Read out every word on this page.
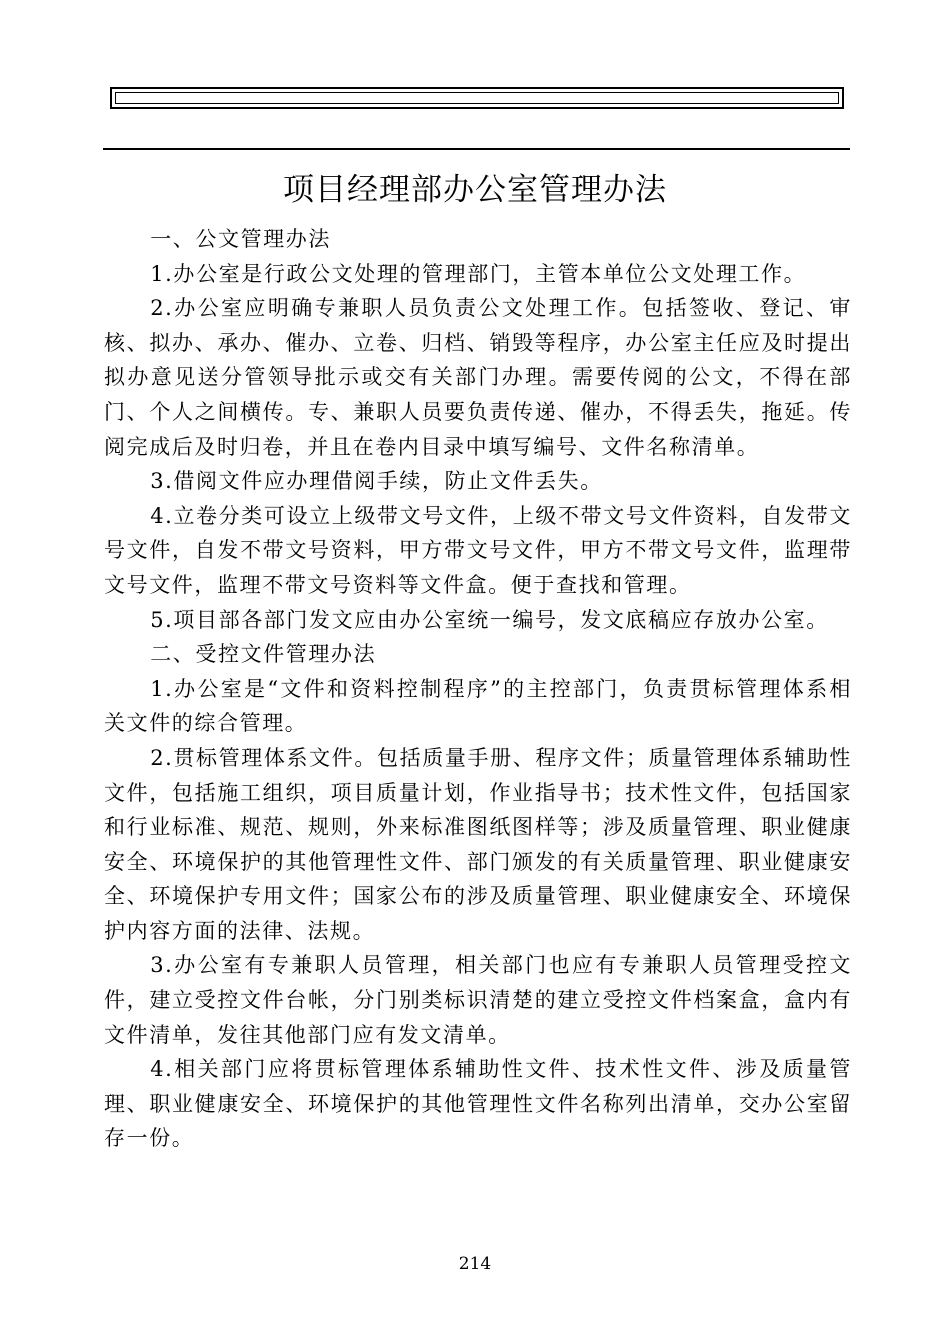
项目经理部办公室管理办法

一、公文管理办法

1.办公室是行政公文处理的管理部门，主管本单位公文处理工作。

2.办公室应明确专兼职人员负责公文处理工作。包括签收、登记、审核、拟办、承办、催办、立卷、归档、销毁等程序，办公室主任应及时提出拟办意见送分管领导批示或交有关部门办理。需要传阅的公文，不得在部门、个人之间横传。专、兼职人员要负责传递、催办，不得丢失，拖延。传阅完成后及时归卷，并且在卷内目录中填写编号、文件名称清单。

3.借阅文件应办理借阅手续，防止文件丢失。

4.立卷分类可设立上级带文号文件，上级不带文号文件资料，自发带文号文件，自发不带文号资料，甲方带文号文件，甲方不带文号文件，监理带文号文件，监理不带文号资料等文件盒。便于查找和管理。

5.项目部各部门发文应由办公室统一编号，发文底稿应存放办公室。

二、受控文件管理办法

1.办公室是“文件和资料控制程序”的主控部门，负责贯标管理体系相关文件的综合管理。

2.贯标管理体系文件。包括质量手册、程序文件；质量管理体系辅助性文件，包括施工组织，项目质量计划，作业指导书；技术性文件，包括国家和行业标准、规范、规则，外来标准图纸图样等；涉及质量管理、职业健康安全、环境保护的其他管理性文件、部门颁发的有关质量管理、职业健康安全、环境保护专用文件；国家公布的涉及质量管理、职业健康安全、环境保护内容方面的法律、法规。

3.办公室有专兼职人员管理，相关部门也应有专兼职人员管理受控文件，建立受控文件台帐，分门别类标识清楚的建立受控文件档案盒，盒内有文件清单，发往其他部门应有发文清单。

4.相关部门应将贯标管理体系辅助性文件、技术性文件、涉及质量管理、职业健康安全、环境保护的其他管理性文件名称列出清单，交办公室留存一份。

214
